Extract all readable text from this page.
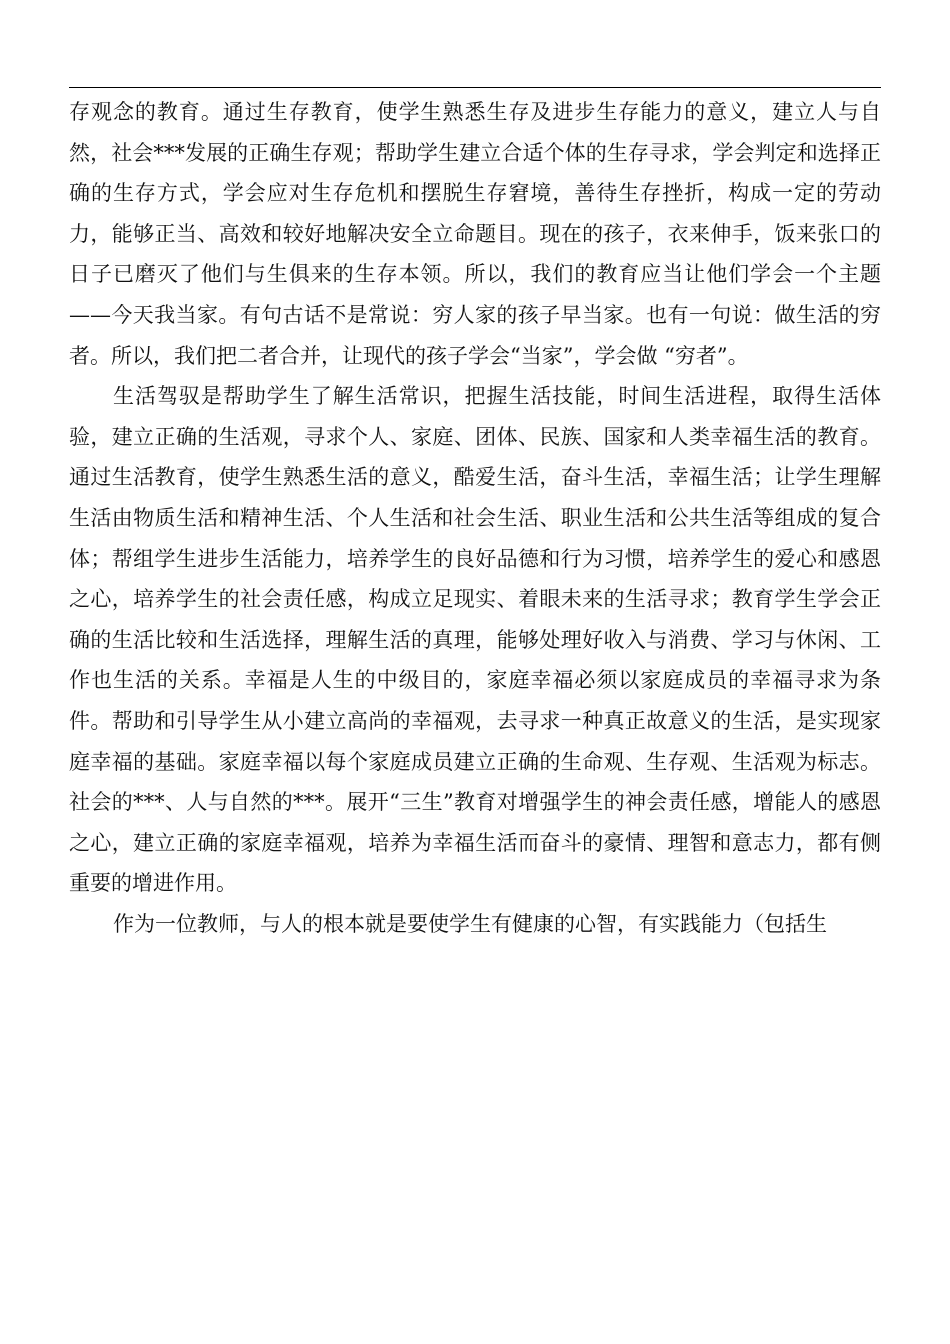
存观念的教育。通过生存教育，使学生熟悉生存及进步生存能力的意义，建立人与自然，社会***发展的正确生存观；帮助学生建立合适个体的生存寻求，学会判定和选择正确的生存方式，学会应对生存危机和摆脱生存窘境，善待生存挫折，构成一定的劳动力，能够正当、高效和较好地解决安全立命题目。现在的孩子，衣来伸手，饭来张口的日子已磨灭了他们与生俱来的生存本领。所以，我们的教育应当让他们学会一个主题——今天我当家。有句古话不是常说：穷人家的孩子早当家。也有一句说：做生活的穷者。所以，我们把二者合并，让现代的孩子学会“当家”，学会做 “穷者”。

生活驾驭是帮助学生了解生活常识，把握生活技能，时间生活进程，取得生活体验，建立正确的生活观，寻求个人、家庭、团体、民族、国家和人类幸福生活的教育。通过生活教育，使学生熟悉生活的意义，酷爱生活，奋斗生活，幸福生活；让学生理解生活由物质生活和精神生活、个人生活和社会生活、职业生活和公共生活等组成的复合体；帮组学生进步生活能力，培养学生的良好品德和行为习惯，培养学生的爱心和感恩之心，培养学生的社会责任感，构成立足现实、着眼未来的生活寻求；教育学生学会正确的生活比较和生活选择，理解生活的真理，能够处理好收入与消费、学习与休闲、工作也生活的关系。幸福是人生的中级目的，家庭幸福必须以家庭成员的幸福寻求为条件。帮助和引导学生从小建立高尚的幸福观，去寻求一种真正故意义的生活，是实现家庭幸福的基础。家庭幸福以每个家庭成员建立正确的生命观、生存观、生活观为标志。社会的***、人与自然的***。展开“三生”教育对增强学生的神会责任感，增能人的感恩之心，建立正确的家庭幸福观，培养为幸福生活而奋斗的豪情、理智和意志力，都有侧重要的增进作用。

作为一位教师，与人的根本就是要使学生有健康的心智，有实践能力（包括生
